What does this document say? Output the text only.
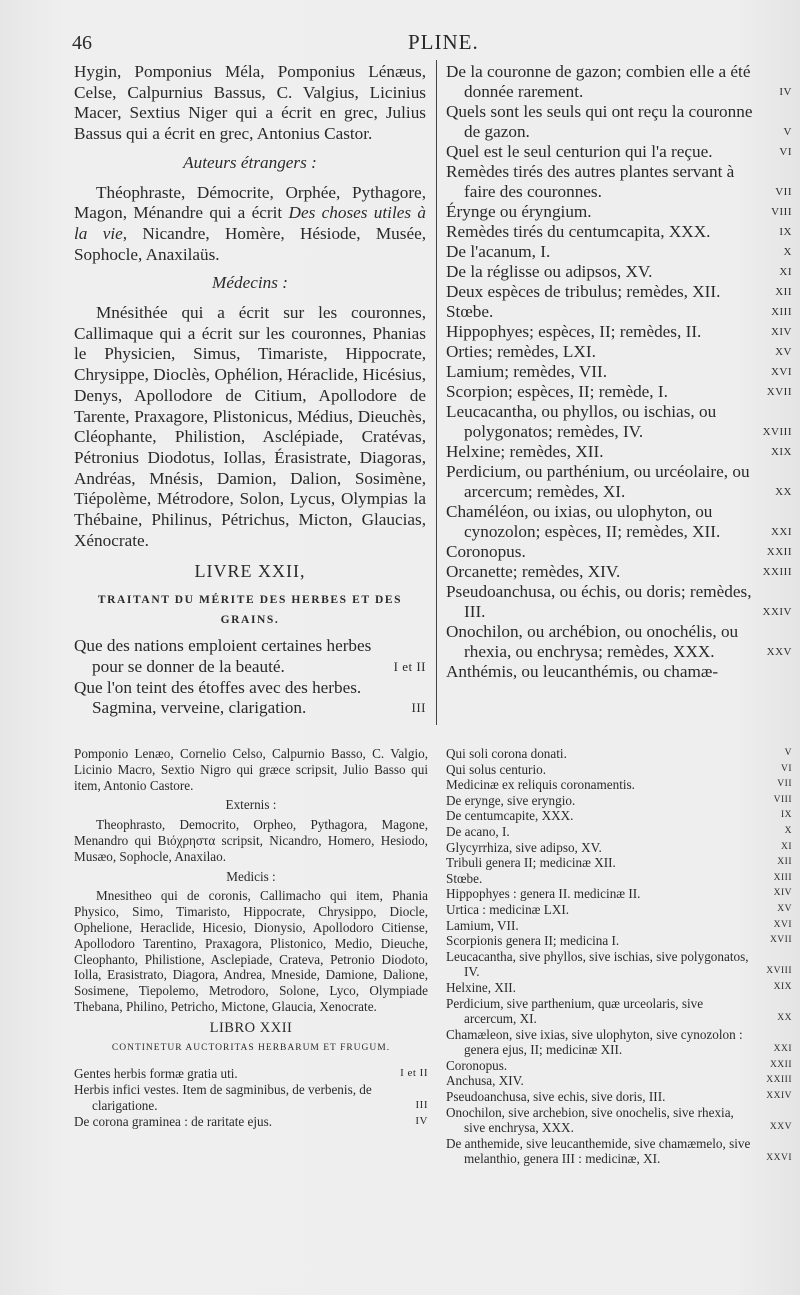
46	PLINE.

Hygin, Pomponius Méla, Pomponius Lénæus, Celse, Calpurnius Bassus, C. Valgius, Licinius Macer, Sextius Niger qui a écrit en grec, Julius Bassus qui a écrit en grec, Antonius Castor.

Auteurs étrangers :

Théophraste, Démocrite, Orphée, Pythagore, Magon, Ménandre qui a écrit Des choses utiles à la vie, Nicandre, Homère, Hésiode, Musée, Sophocle, Anaxilaüs.

Médecins :

Mnésithée qui a écrit sur les couronnes, Callimaque qui a écrit sur les couronnes, Phanias le Physicien, Simus, Timariste, Hippocrate, Chrysippe, Dioclès, Ophélion, Héraclide, Hicésius, Denys, Apollodore de Citium, Apollodore de Tarente, Praxagore, Plistonicus, Médius, Dieuchès, Cléophante, Philistion, Asclépiade, Cratévas, Pétronius Diodotus, Iollas, Érasistrate, Diagoras, Andréas, Mnésis, Damion, Dalion, Sosimène, Tiépolème, Métrodore, Solon, Lycus, Olympias la Thébaine, Philinus, Pétrichus, Micton, Glaucias, Xénocrate.

LIVRE XXII,

TRAITANT DU MÉRITE DES HERBES ET DES GRAINS.

Que des nations emploient certaines herbes pour se donner de la beauté.	I et II
Que l'on teint des étoffes avec des herbes. Sagmina, verveine, clarigation.	III
De la couronne de gazon; combien elle a été donnée rarement.	IV
Quels sont les seuls qui ont reçu la couronne de gazon.	V
Quel est le seul centurion qui l'a reçue.	VI
Remèdes tirés des autres plantes servant à faire des couronnes.	VII
Érynge ou éryngium.	VIII
Remèdes tirés du centumcapita, XXX.	IX
De l'acanum, I.	X
De la réglisse ou adipsos, XV.	XI
Deux espèces de tribulus; remèdes, XII.	XII
Stœbe.	XIII
Hippophyes; espèces, II; remèdes, II.	XIV
Orties; remèdes, LXI.	XV
Lamium; remèdes, VII.	XVI
Scorpion; espèces, II; remède, I.	XVII
Leucacantha, ou phyllos, ou ischias, ou polygonatos; remèdes, IV.	XVIII
Helxine; remèdes, XII.	XIX
Perdicium, ou parthénium, ou urcéolaire, ou arcercum; remèdes, XI.	XX
Chaméléon, ou ixias, ou ulophyton, ou cynozolon; espèces, II; remèdes, XII.	XXI
Coronopus.	XXII
Orcanette; remèdes, XIV.	XXIII
Pseudoanchusa, ou échis, ou doris; remèdes, III.	XXIV
Onochilon, ou archébion, ou onochélis, ou rhexia, ou enchrysa; remèdes, XXX.	XXV
Anthémis, ou leucanthémis, ou chamæ-

Pomponio Lenæo, Cornelio Celso, Calpurnio Basso, C. Valgio, Licinio Macro, Sextio Nigro qui græce scripsit, Julio Basso qui item, Antonio Castore.

Externis :

Theophrasto, Democrito, Orpheo, Pythagora, Magone, Menandro qui Βιόχρηστα scripsit, Nicandro, Homero, Hesiodo, Musæo, Sophocle, Anaxilao.

Medicis :

Mnesitheo qui de coronis, Callimacho qui item, Phania Physico, Simo, Timaristo, Hippocrate, Chrysippo, Diocle, Ophelione, Heraclide, Hicesio, Dionysio, Apollodoro Citiense, Apollodoro Tarentino, Praxagora, Plistonico, Medio, Dieuche, Cleophanto, Philistione, Asclepiade, Crateva, Petronio Diodoto, Iolla, Erasistrato, Diagora, Andrea, Mneside, Damione, Dalione, Sosimene, Tiepolemo, Metrodoro, Solone, Lyco, Olympiade Thebana, Philino, Petricho, Mictone, Glaucia, Xenocrate.

LIBRO XXII

CONTINETUR AUCTORITAS HERBARUM ET FRUGUM.

Gentes herbis formæ gratia uti.	I et II
Herbis infici vestes. Item de sagminibus, de verbenis, de clarigatione.	III
De corona graminea : de raritate ejus.	IV
Qui soli corona donati.	V
Qui solus centurio.	VI
Medicinæ ex reliquis coronamentis.	VII
De eryngе, sive eryngio.	VIII
De centumcapite, XXX.	IX
De acano, I.	X
Glycyrrhiza, sive adipso, XV.	XI
Tribuli genera II; medicinæ XII.	XII
Stœbe.	XIII
Hippophyes : genera II. medicinæ II.	XIV
Urtica : medicinæ LXI.	XV
Lamium, VII.	XVI
Scorpionis genera II; medicina I.	XVII
Leucacantha, sive phyllos, sive ischias, sive polygonatos, IV.	XVIII
Helxine, XII.	XIX
Perdicium, sive parthenium, quæ urceolaris, sive arcercum, XI.	XX
Chamæleon, sive ixias, sive ulophyton, sive cynozolon : genera ejus, II; medicinæ XII.	XXI
Coronopus.	XXII
Anchusa, XIV.	XXIII
Pseudoanchusa, sive echis, sive doris, III.	XXIV
Onochilon, sive archebion, sive onochelis, sive rhexia, sive enchrysa, XXX.	XXV
De anthemide, sive leucanthemide, sive chamæmelo, sive melanthio, genera III : medicinæ, XI.	XXVI
